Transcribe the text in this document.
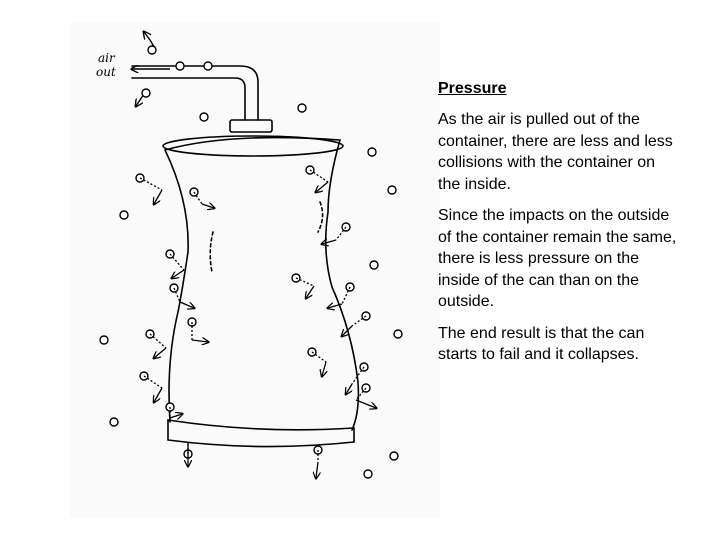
air
out
Pressure

As the air is pulled out of the container, there are less and less collisions with the container on the inside.

Since the impacts on the outside of the container remain the same, there is less pressure on the inside of the can than on the outside.

The end result is that the can starts to fail and it collapses.
